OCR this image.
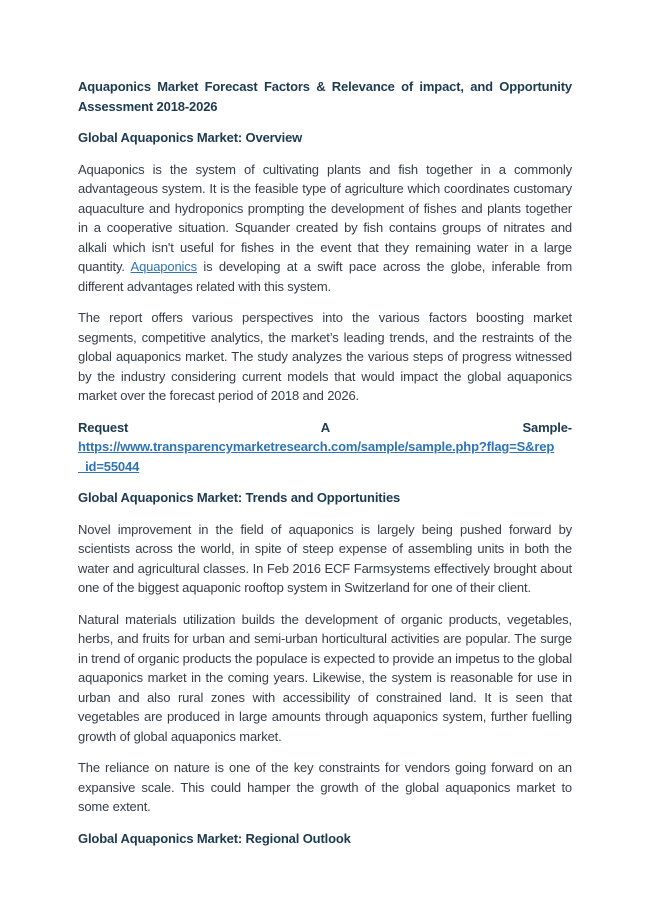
Aquaponics Market Forecast Factors & Relevance of impact, and Opportunity
Assessment 2018-2026
Global Aquaponics Market: Overview

Aquaponics is the system of cultivating plants and fish together in a commonly advantageous system. It is the feasible type of agriculture which coordinates customary aquaculture and hydroponics prompting the development of fishes and plants together in a cooperative situation. Squander created by fish contains groups of nitrates and alkali which isn't useful for fishes in the event that they remaining water in a large quantity. Aquaponics is developing at a swift pace across the globe, inferable from different advantages related with this system.

The report offers various perspectives into the various factors boosting market segments, competitive analytics, the market’s leading trends, and the restraints of the global aquaponics market. The study analyzes the various steps of progress witnessed by the industry considering current models that would impact the global aquaponics market over the forecast period of 2018 and 2026.

Request	A	Sample-
https://www.transparencymarketresearch.com/sample/sample.php?flag=S&rep
_id=55044
Global Aquaponics Market: Trends and Opportunities

Novel improvement in the field of aquaponics is largely being pushed forward by scientists across the world, in spite of steep expense of assembling units in both the water and agricultural classes. In Feb 2016 ECF Farmsystems effectively brought about one of the biggest aquaponic rooftop system in Switzerland for one of their client.

Natural materials utilization builds the development of organic products, vegetables, herbs, and fruits for urban and semi-urban horticultural activities are popular. The surge in trend of organic products the populace is expected to provide an impetus to the global aquaponics market in the coming years. Likewise, the system is reasonable for use in urban and also rural zones with accessibility of constrained land. It is seen that vegetables are produced in large amounts through aquaponics system, further fuelling growth of global aquaponics market.

The reliance on nature is one of the key constraints for vendors going forward on an expansive scale. This could hamper the growth of the global aquaponics market to some extent.

Global Aquaponics Market: Regional Outlook
